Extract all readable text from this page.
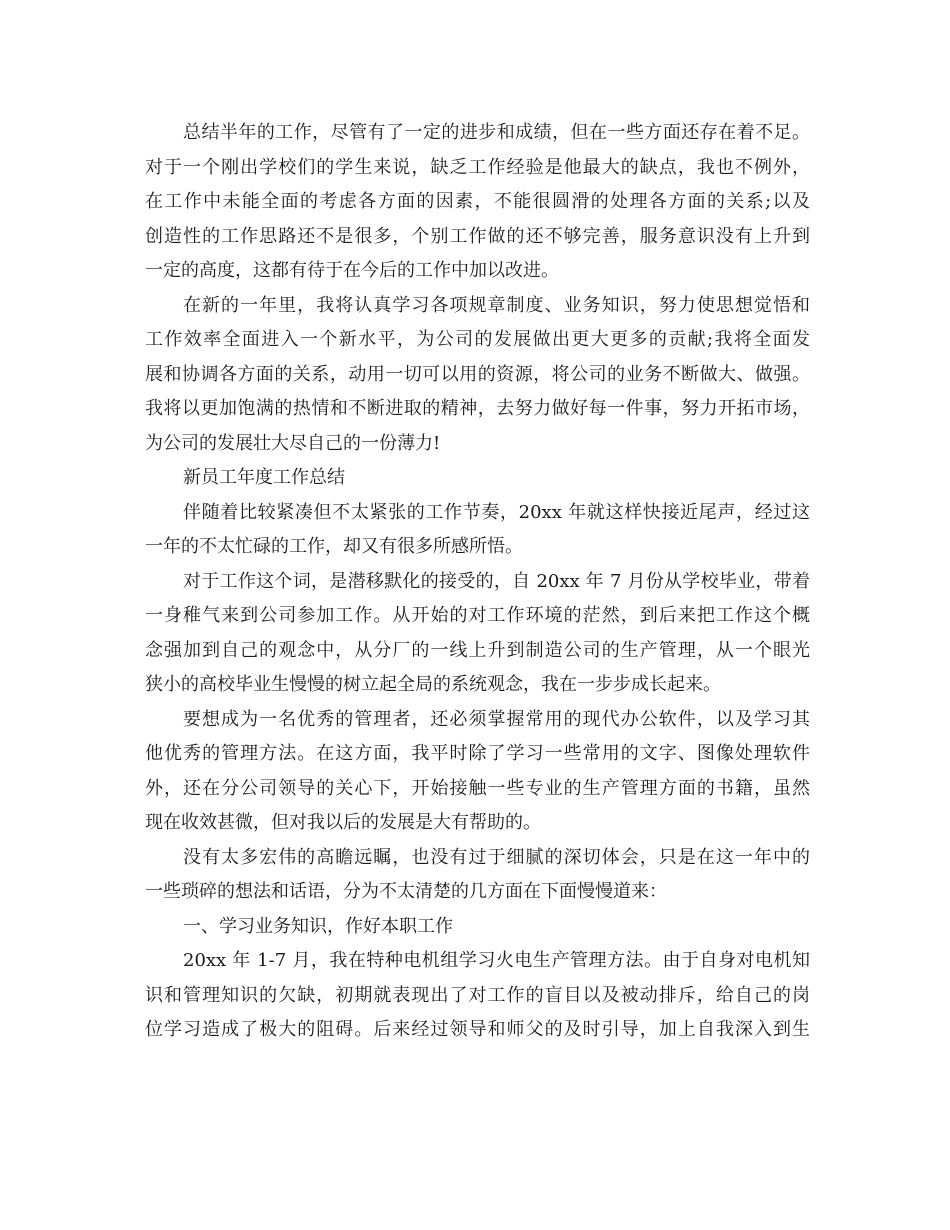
总结半年的工作，尽管有了一定的进步和成绩，但在一些方面还存在着不足。
对于一个刚出学校们的学生来说，缺乏工作经验是他最大的缺点，我也不例外，
在工作中未能全面的考虑各方面的因素，不能很圆滑的处理各方面的关系;以及
创造性的工作思路还不是很多，个别工作做的还不够完善，服务意识没有上升到
一定的高度，这都有待于在今后的工作中加以改进。
在新的一年里，我将认真学习各项规章制度、业务知识，努力使思想觉悟和
工作效率全面进入一个新水平，为公司的发展做出更大更多的贡献;我将全面发
展和协调各方面的关系，动用一切可以用的资源，将公司的业务不断做大、做强。
我将以更加饱满的热情和不断进取的精神，去努力做好每一件事，努力开拓市场，
为公司的发展壮大尽自己的一份薄力!
新员工年度工作总结
伴随着比较紧凑但不太紧张的工作节奏，20xx 年就这样快接近尾声，经过这
一年的不太忙碌的工作，却又有很多所感所悟。
对于工作这个词，是潜移默化的接受的，自 20xx 年 7 月份从学校毕业，带着
一身稚气来到公司参加工作。从开始的对工作环境的茫然，到后来把工作这个概
念强加到自己的观念中，从分厂的一线上升到制造公司的生产管理，从一个眼光
狭小的高校毕业生慢慢的树立起全局的系统观念，我在一步步成长起来。
要想成为一名优秀的管理者，还必须掌握常用的现代办公软件，以及学习其
他优秀的管理方法。在这方面，我平时除了学习一些常用的文字、图像处理软件
外，还在分公司领导的关心下，开始接触一些专业的生产管理方面的书籍，虽然
现在收效甚微，但对我以后的发展是大有帮助的。
没有太多宏伟的高瞻远瞩，也没有过于细腻的深切体会，只是在这一年中的
一些琐碎的想法和话语，分为不太清楚的几方面在下面慢慢道来：
一、学习业务知识，作好本职工作
20xx 年 1-7 月，我在特种电机组学习火电生产管理方法。由于自身对电机知
识和管理知识的欠缺，初期就表现出了对工作的盲目以及被动排斥，给自己的岗
位学习造成了极大的阻碍。后来经过领导和师父的及时引导，加上自我深入到生
